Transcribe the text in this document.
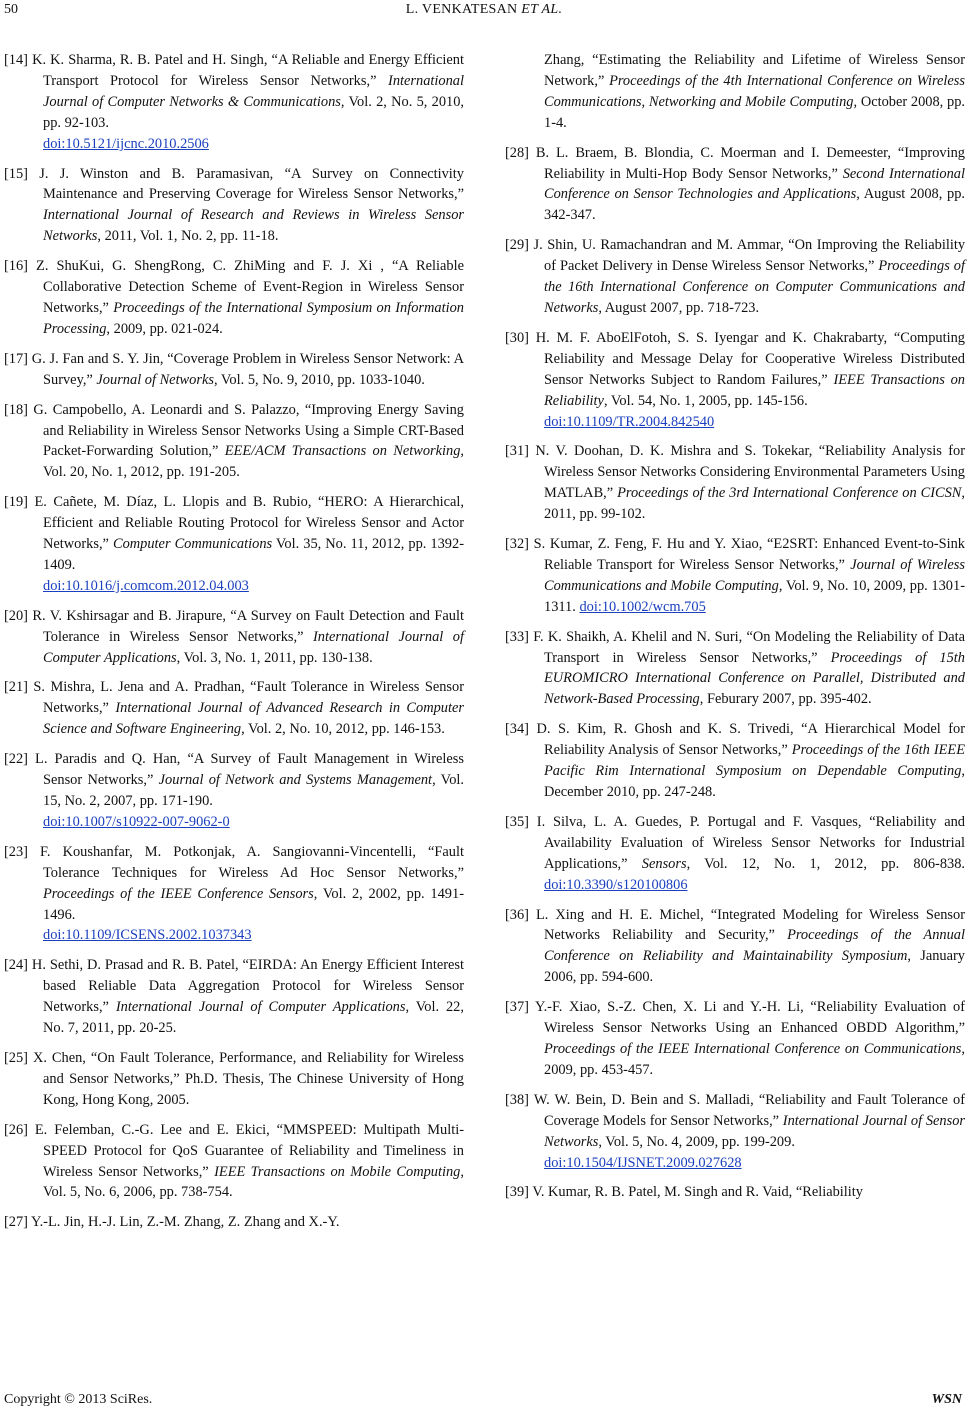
50	L. VENKATESAN ET AL.

[14] K. K. Sharma, R. B. Patel and H. Singh, “A Reliable and Energy Efficient Transport Protocol for Wireless Sensor Networks,” International Journal of Computer Networks & Communications, Vol. 2, No. 5, 2010, pp. 92-103.
doi:10.5121/ijcnc.2010.2506

[15] J. J. Winston and B. Paramasivan, “A Survey on Connectivity Maintenance and Preserving Coverage for Wireless Sensor Networks,” International Journal of Research and Reviews in Wireless Sensor Networks, 2011, Vol. 1, No. 2, pp. 11-18.

[16] Z. ShuKui, G. ShengRong, C. ZhiMing and F. J. Xi , “A Reliable Collaborative Detection Scheme of Event-Region in Wireless Sensor Networks,” Proceedings of the International Symposium on Information Processing, 2009, pp. 021-024.

[17] G. J. Fan and S. Y. Jin, “Coverage Problem in Wireless Sensor Network: A Survey,” Journal of Networks, Vol. 5, No. 9, 2010, pp. 1033-1040.

[18] G. Campobello, A. Leonardi and S. Palazzo, “Improving Energy Saving and Reliability in Wireless Sensor Networks Using a Simple CRT-Based Packet-Forwarding Solution,” EEE/ACM Transactions on Networking, Vol. 20, No. 1, 2012, pp. 191-205.

[19] E. Cañete, M. Díaz, L. Llopis and B. Rubio, “HERO: A Hierarchical, Efficient and Reliable Routing Protocol for Wireless Sensor and Actor Networks,” Computer Communications Vol. 35, No. 11, 2012, pp. 1392-1409.
doi:10.1016/j.comcom.2012.04.003

[20] R. V. Kshirsagar and B. Jirapure, “A Survey on Fault Detection and Fault Tolerance in Wireless Sensor Networks,” International Journal of Computer Applications, Vol. 3, No. 1, 2011, pp. 130-138.

[21] S. Mishra, L. Jena and A. Pradhan, “Fault Tolerance in Wireless Sensor Networks,” International Journal of Advanced Research in Computer Science and Software Engineering, Vol. 2, No. 10, 2012, pp. 146-153.

[22] L. Paradis and Q. Han, “A Survey of Fault Management in Wireless Sensor Networks,” Journal of Network and Systems Management, Vol. 15, No. 2, 2007, pp. 171-190.
doi:10.1007/s10922-007-9062-0

[23] F. Koushanfar, M. Potkonjak, A. Sangiovanni-Vincentelli, “Fault Tolerance Techniques for Wireless Ad Hoc Sensor Networks,” Proceedings of the IEEE Conference Sensors, Vol. 2, 2002, pp. 1491-1496.
doi:10.1109/ICSENS.2002.1037343

[24] H. Sethi, D. Prasad and R. B. Patel, “EIRDA: An Energy Efficient Interest based Reliable Data Aggregation Protocol for Wireless Sensor Networks,” International Journal of Computer Applications, Vol. 22, No. 7, 2011, pp. 20-25.

[25] X. Chen, “On Fault Tolerance, Performance, and Reliability for Wireless and Sensor Networks,” Ph.D. Thesis, The Chinese University of Hong Kong, Hong Kong, 2005.

[26] E. Felemban, C.-G. Lee and E. Ekici, “MMSPEED: Multipath Multi-SPEED Protocol for QoS Guarantee of Reliability and Timeliness in Wireless Sensor Networks,” IEEE Transactions on Mobile Computing, Vol. 5, No. 6, 2006, pp. 738-754.

[27] Y.-L. Jin, H.-J. Lin, Z.-M. Zhang, Z. Zhang and X.-Y.

Zhang, “Estimating the Reliability and Lifetime of Wireless Sensor Network,” Proceedings of the 4th International Conference on Wireless Communications, Networking and Mobile Computing, October 2008, pp. 1-4.

[28] B. L. Braem, B. Blondia, C. Moerman and I. Demeester, “Improving Reliability in Multi-Hop Body Sensor Networks,” Second International Conference on Sensor Technologies and Applications, August 2008, pp. 342-347.

[29] J. Shin, U. Ramachandran and M. Ammar, “On Improving the Reliability of Packet Delivery in Dense Wireless Sensor Networks,” Proceedings of the 16th International Conference on Computer Communications and Networks, August 2007, pp. 718-723.

[30] H. M. F. AboElFotoh, S. S. Iyengar and K. Chakrabarty, “Computing Reliability and Message Delay for Cooperative Wireless Distributed Sensor Networks Subject to Random Failures,” IEEE Transactions on Reliability, Vol. 54, No. 1, 2005, pp. 145-156.
doi:10.1109/TR.2004.842540

[31] N. V. Doohan, D. K. Mishra and S. Tokekar, “Reliability Analysis for Wireless Sensor Networks Considering Environmental Parameters Using MATLAB,” Proceedings of the 3rd International Conference on CICSN, 2011, pp. 99-102.

[32] S. Kumar, Z. Feng, F. Hu and Y. Xiao, “E2SRT: Enhanced Event-to-Sink Reliable Transport for Wireless Sensor Networks,” Journal of Wireless Communications and Mobile Computing, Vol. 9, No. 10, 2009, pp. 1301-1311. doi:10.1002/wcm.705

[33] F. K. Shaikh, A. Khelil and N. Suri, “On Modeling the Reliability of Data Transport in Wireless Sensor Networks,” Proceedings of 15th EUROMICRO International Conference on Parallel, Distributed and Network-Based Processing, Feburary 2007, pp. 395-402.

[34] D. S. Kim, R. Ghosh and K. S. Trivedi, “A Hierarchical Model for Reliability Analysis of Sensor Networks,” Proceedings of the 16th IEEE Pacific Rim International Symposium on Dependable Computing, December 2010, pp. 247-248.

[35] I. Silva, L. A. Guedes, P. Portugal and F. Vasques, “Reliability and Availability Evaluation of Wireless Sensor Networks for Industrial Applications,” Sensors, Vol. 12, No. 1, 2012, pp. 806-838. doi:10.3390/s120100806

[36] L. Xing and H. E. Michel, “Integrated Modeling for Wireless Sensor Networks Reliability and Security,” Proceedings of the Annual Conference on Reliability and Maintainability Symposium, January 2006, pp. 594-600.

[37] Y.-F. Xiao, S.-Z. Chen, X. Li and Y.-H. Li, “Reliability Evaluation of Wireless Sensor Networks Using an Enhanced OBDD Algorithm,” Proceedings of the IEEE International Conference on Communications, 2009, pp. 453-457.

[38] W. W. Bein, D. Bein and S. Malladi, “Reliability and Fault Tolerance of Coverage Models for Sensor Networks,” International Journal of Sensor Networks, Vol. 5, No. 4, 2009, pp. 199-209.
doi:10.1504/IJSNET.2009.027628

[39] V. Kumar, R. B. Patel, M. Singh and R. Vaid, “Reliability

Copyright © 2013 SciRes.	WSN
